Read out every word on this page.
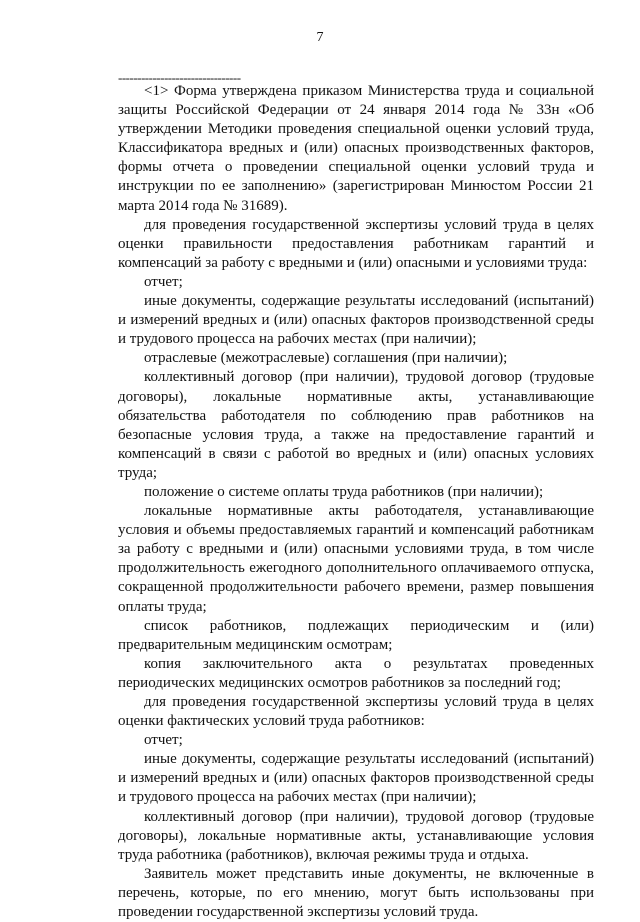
7
--------------------------------

<1> Форма утверждена приказом Министерства труда и социальной защиты Российской Федерации от 24 января 2014 года № 33н «Об утверждении Методики проведения специальной оценки условий труда, Классификатора вредных и (или) опасных производственных факторов, формы отчета о проведении специальной оценки условий труда и инструкции по ее заполнению» (зарегистрирован Минюстом России 21 марта 2014 года № 31689).

для проведения государственной экспертизы условий труда в целях оценки правильности предоставления работникам гарантий и компенсаций за работу с вредными и (или) опасными и условиями труда:

отчет;

иные документы, содержащие результаты исследований (испытаний) и измерений вредных и (или) опасных факторов производственной среды и трудового процесса на рабочих местах (при наличии);

отраслевые (межотраслевые) соглашения (при наличии);

коллективный договор (при наличии), трудовой договор (трудовые договоры), локальные нормативные акты, устанавливающие обязательства работодателя по соблюдению прав работников на безопасные условия труда, а также на предоставление гарантий и компенсаций в связи с работой во вредных и (или) опасных условиях труда;

положение о системе оплаты труда работников (при наличии);

локальные нормативные акты работодателя, устанавливающие условия и объемы предоставляемых гарантий и компенсаций работникам за работу с вредными и (или) опасными условиями труда, в том числе продолжительность ежегодного дополнительного оплачиваемого отпуска, сокращенной продолжительности рабочего времени, размер повышения оплаты труда;

список работников, подлежащих периодическим и (или) предварительным медицинским осмотрам;

копия заключительного акта о результатах проведенных периодических медицинских осмотров работников за последний год;

для проведения государственной экспертизы условий труда в целях оценки фактических условий труда работников:

отчет;

иные документы, содержащие результаты исследований (испытаний) и измерений вредных и (или) опасных факторов производственной среды и трудового процесса на рабочих местах (при наличии);

коллективный договор (при наличии), трудовой договор (трудовые договоры), локальные нормативные акты, устанавливающие условия труда работника (работников), включая режимы труда и отдыха.

Заявитель может представить иные документы, не включенные в перечень, которые, по его мнению, могут быть использованы при проведении государственной экспертизы условий труда.
